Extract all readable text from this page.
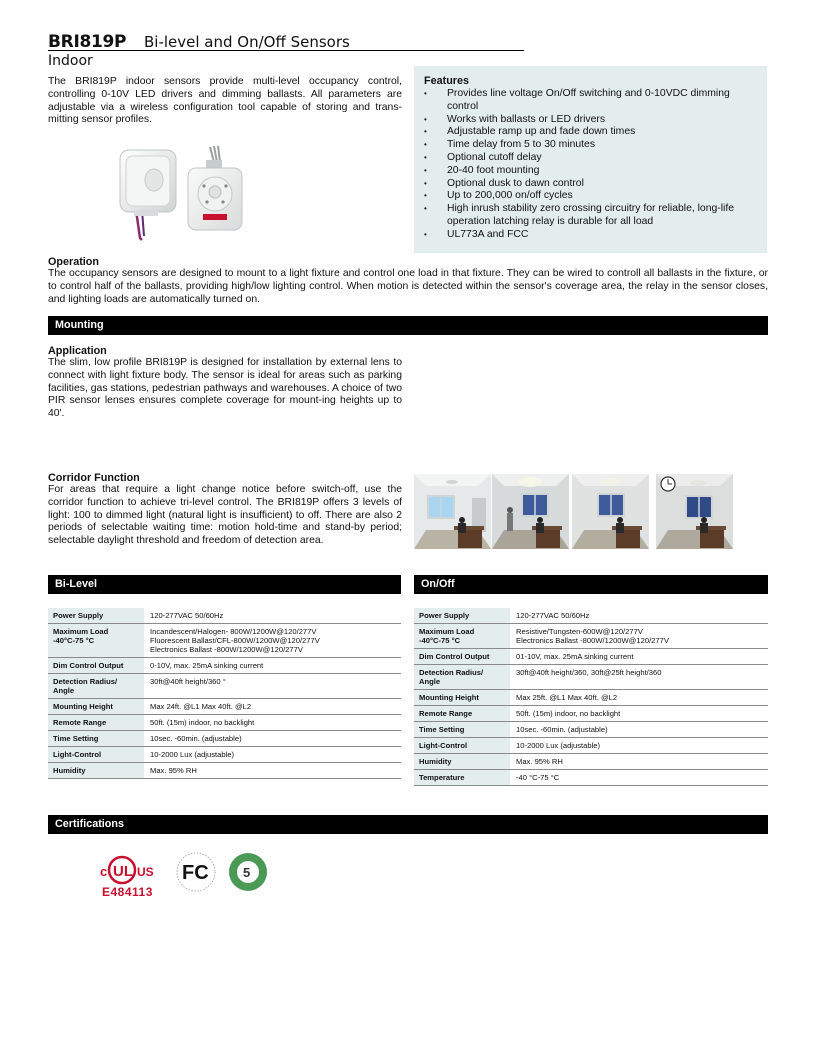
BRI819P Bi-level and On/Off Sensors
Indoor

The BRI819P indoor sensors provide multi-level occupancy control, controlling 0-10V LED drivers and dimming ballasts. All parameters are adjustable via a wireless configuration tool capable of storing and trans-mitting sensor profiles.

Features
• Provides line voltage On/Off switching and 0-10VDC dimming control
• Works with ballasts or LED drivers
• Adjustable ramp up and fade down times
• Time delay from 5 to 30 minutes
• Optional cutoff delay
• 20-40 foot mounting
• Optional dusk to dawn control
• Up to 200,000 on/off cycles
• High inrush stability zero crossing circuitry for reliable, long-life operation latching relay is durable for all load
• UL773A and FCC
Operation

The occupancy sensors are designed to mount to a light fixture and control one load in that fixture. They can be wired to controll all ballasts in the fixture, or to control half of the ballasts, providing high/low lighting control. When motion is detected within the sensor's coverage area, the relay in the sensor closes, and lighting loads are automatically turned on.

Mounting
Application

The slim, low profile BRI819P is designed for installation by external lens to connect with light fixture body. The sensor is ideal for areas such as parking facilities, gas stations, pedestrian pathways and warehouses. A choice of two PIR sensor lenses ensures complete coverage for mount-ing heights up to 40'.

Corridor Function

For areas that require a light change notice before switch-off, use the corridor function to achieve tri-level control. The BRI819P offers 3 levels of light: 100 to dimmed light (natural light is insufficient) to off. There are also 2 periods of selectable waiting time: motion hold-time and stand-by period; selectable daylight threshold and freedom of detection area.

Bi-Level	On/Off
Power Supply	120-277VAC 50/60Hz
Maximum Load
-40°C-75 °C	Incandescent/Halogen- 800W/1200W@120/277V
Fluorescent Ballast/CFL-800W/1200W@120/277V
Electronics Ballast -800W/1200W@120/277V
Dim Control Output	0-10V, max. 25mA sinking current
Detection Radius/
Angle	30ft@40ft height/360 °
Mounting Height	Max 24ft. @L1 Max 40ft. @L2
Remote Range	50ft. (15m) indoor, no backlight
Time Setting	10sec. -60min. (adjustable)
Light-Control	10-2000 Lux (adjustable)
Humidity	Max. 95% RH
Power Supply	120-277VAC 50/60Hz
Maximum Load
-40°C-75 °C	Resistive/Tungsten-600W@120/277V
Electronics Ballast -800W/1200W@120/277V
Dim Control Output	01-10V, max. 25mA sinking current
Detection Radius/
Angle	30ft@40ft height/360, 30ft@25ft height/360
Mounting Height	Max 25ft. @L1 Max 40ft. @L2
Remote Range	50ft. (15m) indoor, no backlight
Time Setting	10sec. -60min. (adjustable)
Light-Control	10-2000 Lux (adjustable)
Humidity	Max. 95% RH
Temperature	-40 °C-75 °C
Certifications
c UL US
E484113
FC	5
